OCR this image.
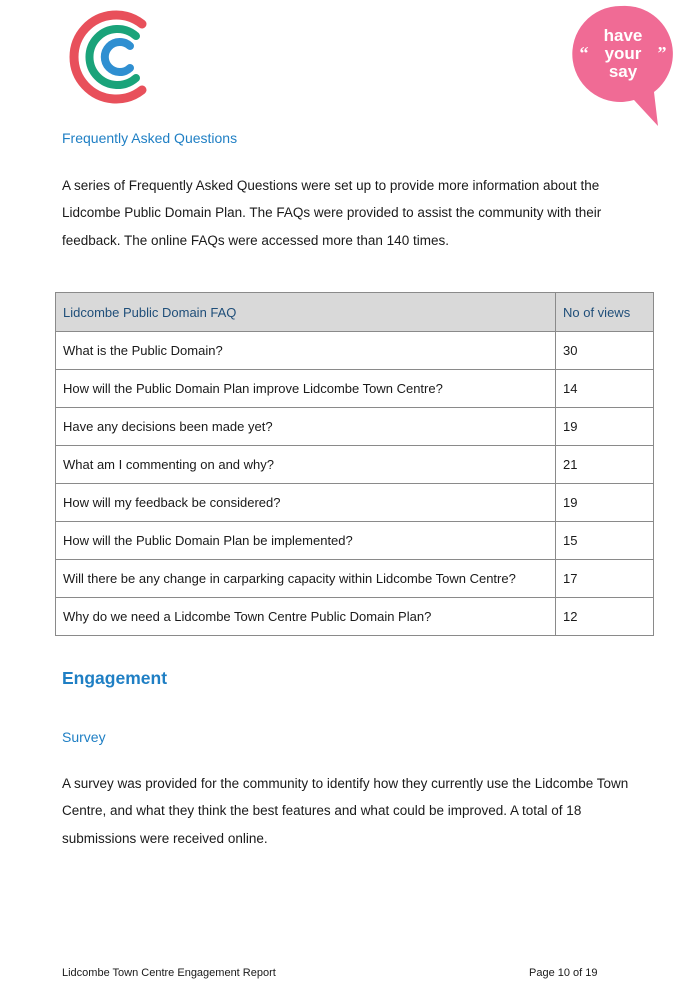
have
your
say
“	”
Frequently Asked Questions
A series of Frequently Asked Questions were set up to provide more information about the Lidcombe Public Domain Plan. The FAQs were provided to assist the community with their feedback. The online FAQs were accessed more than 140 times.
Lidcombe Public Domain FAQ	No of views
What is the Public Domain?	30
How will the Public Domain Plan improve Lidcombe Town Centre?	14
Have any decisions been made yet?	19
What am I commenting on and why?	21
How will my feedback be considered?	19
How will the Public Domain Plan be implemented?	15
Will there be any change in carparking capacity within Lidcombe Town Centre?	17
Why do we need a Lidcombe Town Centre Public Domain Plan?	12
Engagement
Survey
A survey was provided for the community to identify how they currently use the Lidcombe Town Centre, and what they think the best features and what could be improved. A total of 18 submissions were received online.
Lidcombe Town Centre Engagement Report	Page 10 of 19
